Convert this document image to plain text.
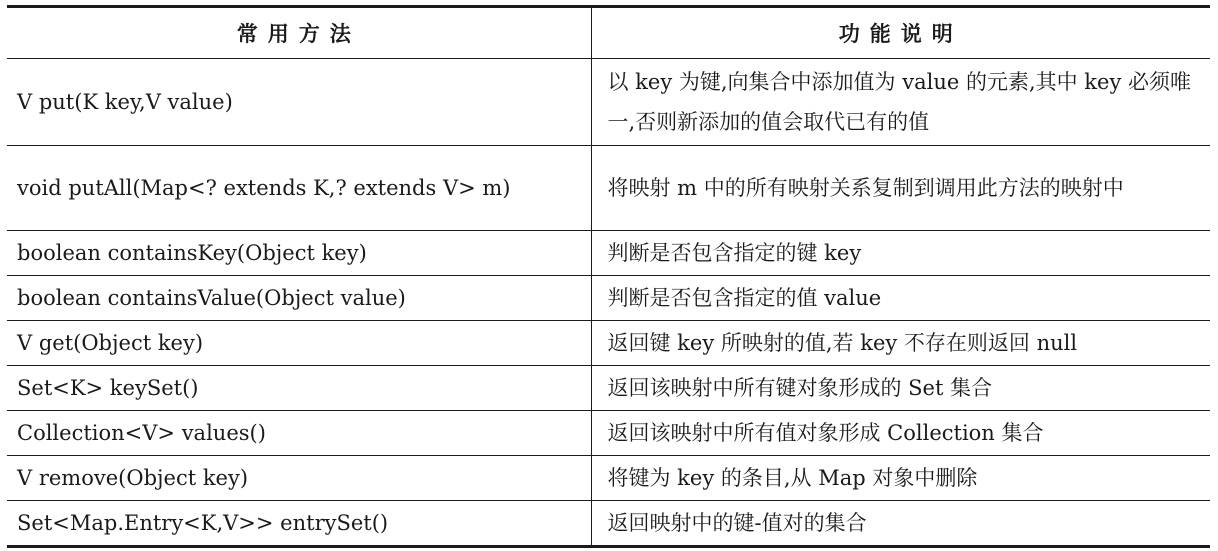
常用方法	功能说明
V put(K key,V value)	以 key 为键,向集合中添加值为 value 的元素,其中 key 必须唯一,否则新添加的值会取代已有的值
void putAll(Map<? extends K,? extends V> m)	将映射 m 中的所有映射关系复制到调用此方法的映射中
boolean containsKey(Object key)	判断是否包含指定的键 key
boolean containsValue(Object value)	判断是否包含指定的值 value
V get(Object key)	返回键 key 所映射的值,若 key 不存在则返回 null
Set<K> keySet()	返回该映射中所有键对象形成的 Set 集合
Collection<V> values()	返回该映射中所有值对象形成 Collection 集合
V remove(Object key)	将键为 key 的条目,从 Map 对象中删除
Set<Map.Entry<K,V>> entrySet()	返回映射中的键-值对的集合
